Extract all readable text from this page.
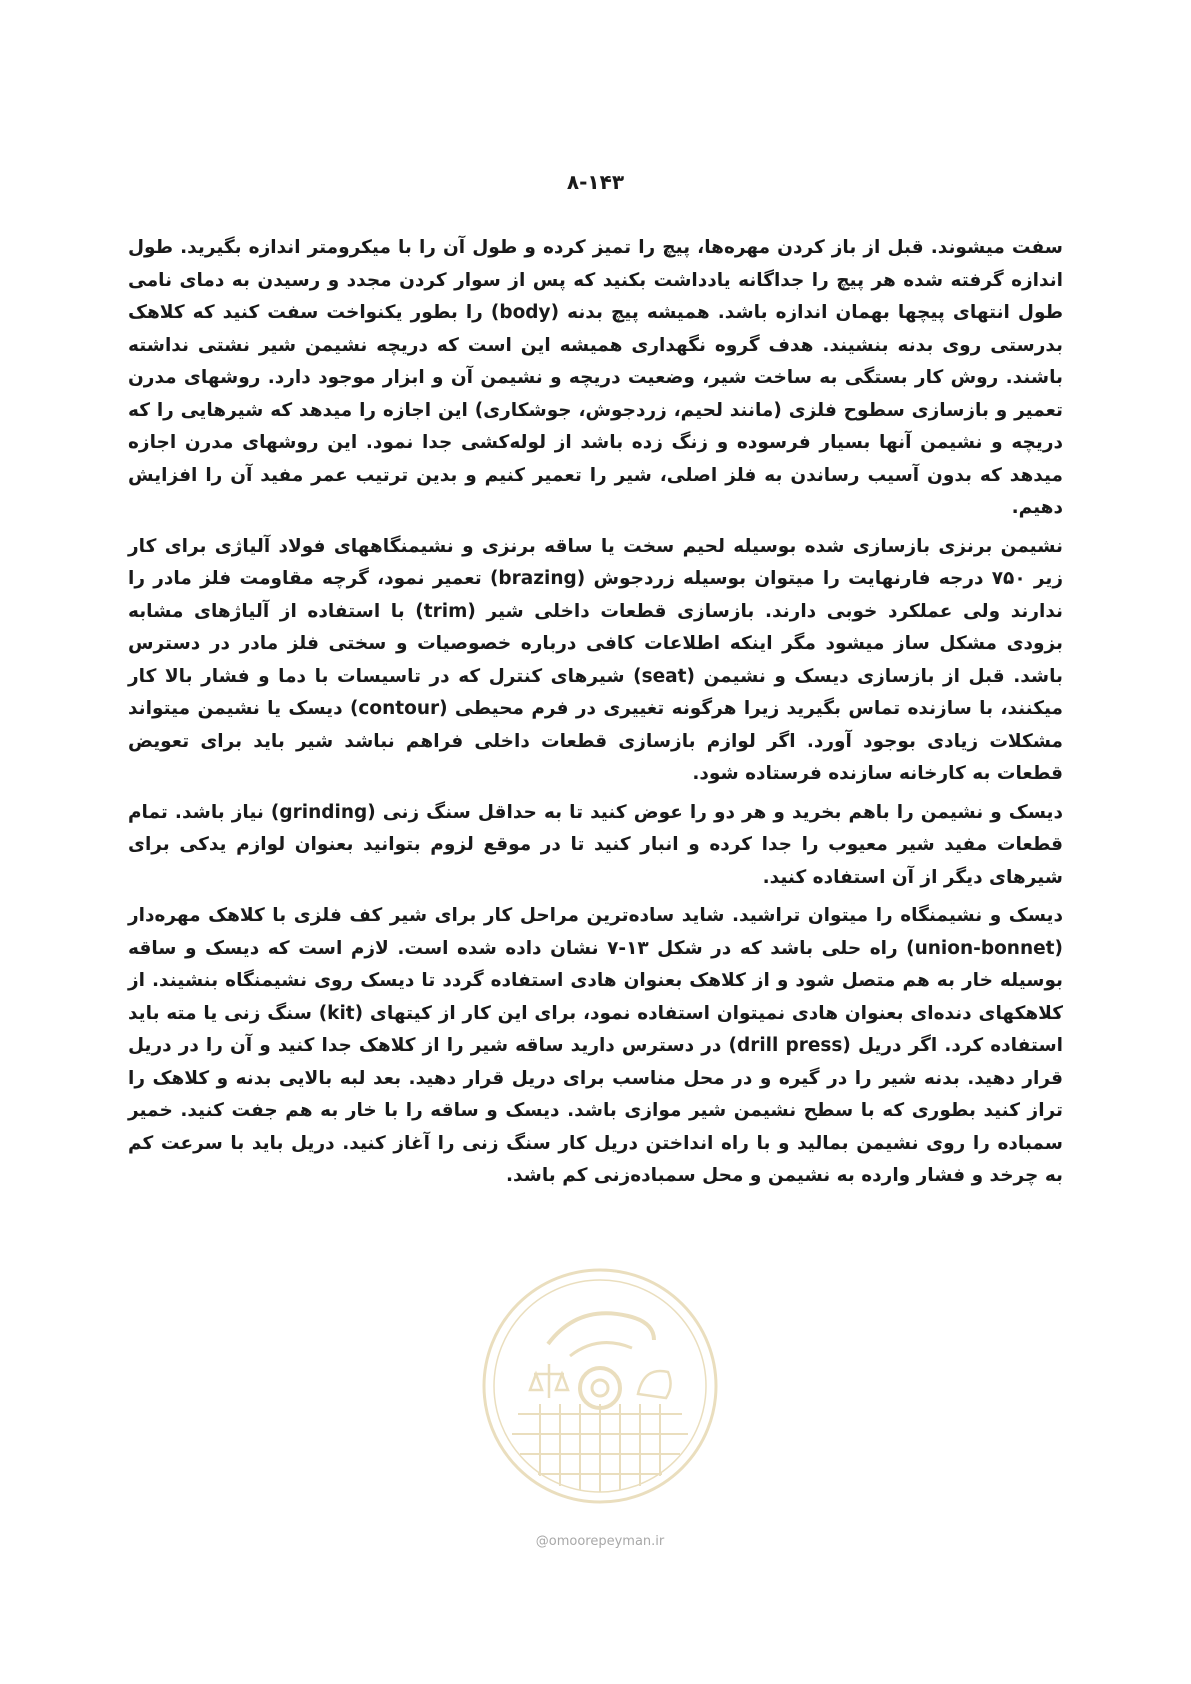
۸-۱۴۳

سفت میشوند. قبل از باز کردن مهره‌ها، پیچ را تمیز کرده و طول آن را با میکرومتر اندازه بگیرید. طول اندازه گرفته شده هر پیچ را جداگانه یادداشت بکنید که پس از سوار کردن مجدد و رسیدن به دمای نامی طول انتهای پیچها بهمان اندازه باشد. همیشه پیچ بدنه (body) را بطور یکنواخت سفت کنید که کلاهک بدرستی روی بدنه بنشیند. هدف گروه نگهداری همیشه این است که دریچه نشیمن شیر نشتی نداشته باشند. روش کار بستگی به ساخت شیر، وضعیت دریچه و نشیمن آن و ابزار موجود دارد. روشهای مدرن تعمیر و بازسازی سطوح فلزی (مانند لحیم، زردجوش، جوشکاری) این اجازه را میدهد که شیرهایی را که دریچه و نشیمن آنها بسیار فرسوده و زنگ زده باشد از لوله‌کشی جدا نمود. این روشهای مدرن اجازه میدهد که بدون آسیب رساندن به فلز اصلی، شیر را تعمیر کنیم و بدین ترتیب عمر مفید آن را افزایش دهیم.

نشیمن برنزی بازسازی شده بوسیله لحیم سخت یا ساقه برنزی و نشیمنگاههای فولاد آلیاژی برای کار زیر ۷۵۰ درجه فارنهایت را میتوان بوسیله زردجوش (brazing) تعمیر نمود، گرچه مقاومت فلز مادر را ندارند ولی عملکرد خوبی دارند. بازسازی قطعات داخلی شیر (trim) با استفاده از آلیاژهای مشابه بزودی مشکل ساز میشود مگر اینکه اطلاعات کافی درباره خصوصیات و سختی فلز مادر در دسترس باشد. قبل از بازسازی دیسک و نشیمن (seat) شیرهای کنترل که در تاسیسات با دما و فشار بالا کار میکنند، با سازنده تماس بگیرید زیرا هرگونه تغییری در فرم محیطی (contour) دیسک یا نشیمن میتواند مشکلات زیادی بوجود آورد. اگر لوازم بازسازی قطعات داخلی فراهم نباشد شیر باید برای تعویض قطعات به کارخانه سازنده فرستاده شود.

دیسک و نشیمن را باهم بخرید و هر دو را عوض کنید تا به حداقل سنگ زنی (grinding) نیاز باشد. تمام قطعات مفید شیر معیوب را جدا کرده و انبار کنید تا در موقع لزوم بتوانید بعنوان لوازم یدکی برای شیرهای دیگر از آن استفاده کنید.

دیسک و نشیمنگاه را میتوان تراشید. شاید ساده‌ترین مراحل کار برای شیر کف فلزی با کلاهک مهره‌دار (union-bonnet) راه حلی باشد که در شکل ۱۳-۷ نشان داده شده است. لازم است که دیسک و ساقه بوسیله خار به هم متصل شود و از کلاهک بعنوان هادی استفاده گردد تا دیسک روی نشیمنگاه بنشیند. از کلاهکهای دنده‌ای بعنوان هادی نمیتوان استفاده نمود، برای این کار از کیتهای (kit) سنگ زنی یا مته باید استفاده کرد. اگر دریل (drill press) در دسترس دارید ساقه شیر را از کلاهک جدا کنید و آن را در دریل قرار دهید. بدنه شیر را در گیره و در محل مناسب برای دریل قرار دهید. بعد لبه بالایی بدنه و کلاهک را تراز کنید بطوری که با سطح نشیمن شیر موازی باشد. دیسک و ساقه را با خار به هم جفت کنید. خمیر سمباده را روی نشیمن بمالید و با راه انداختن دریل کار سنگ زنی را آغاز کنید. دریل باید با سرعت کم به چرخد و فشار وارده به نشیمن و محل سمباده‌زنی کم باشد.

@omoorepeyman.ir
